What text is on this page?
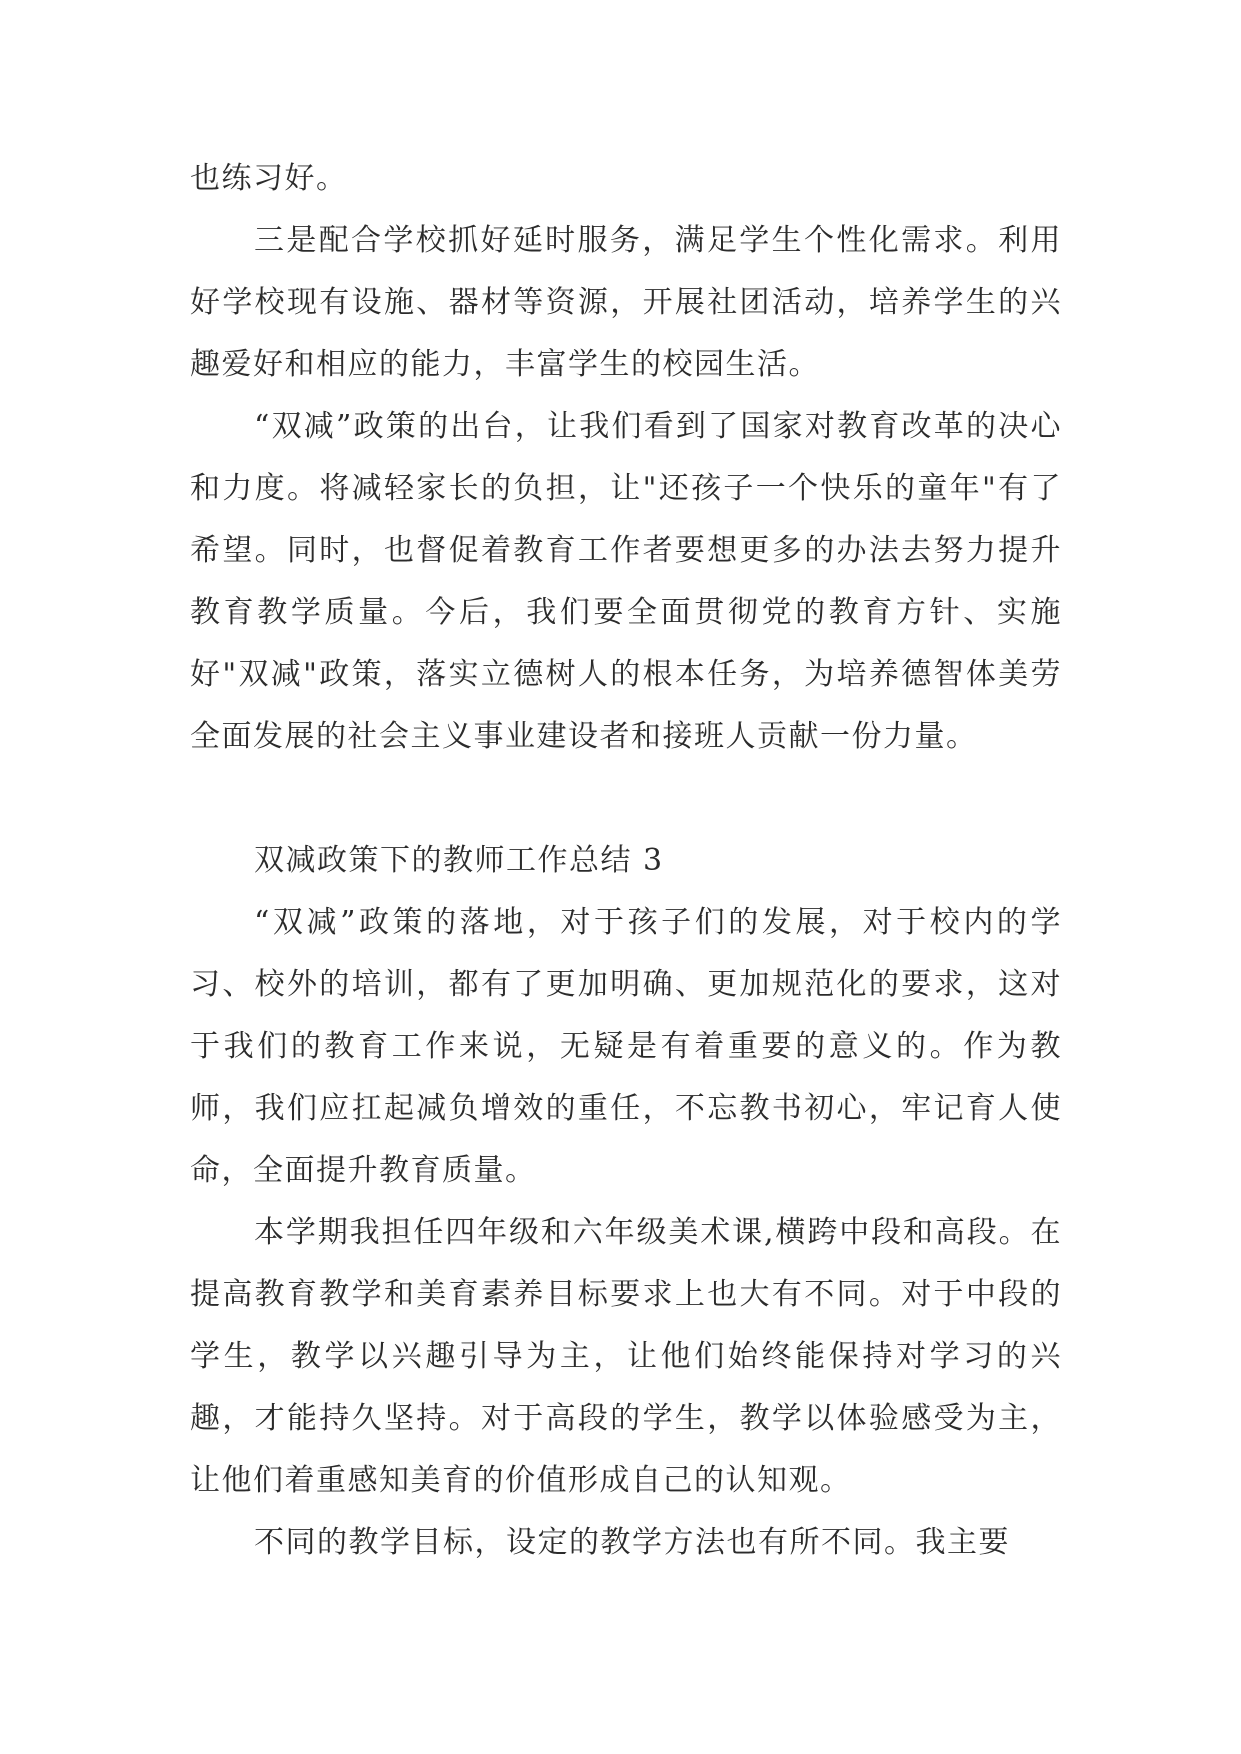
也练习好。

三是配合学校抓好延时服务，满足学生个性化需求。利用好学校现有设施、器材等资源，开展社团活动，培养学生的兴趣爱好和相应的能力，丰富学生的校园生活。

“双减”政策的出台，让我们看到了国家对教育改革的决心和力度。将减轻家长的负担，让"还孩子一个快乐的童年"有了希望。同时，也督促着教育工作者要想更多的办法去努力提升教育教学质量。今后，我们要全面贯彻党的教育方针、实施好"双减"政策，落实立德树人的根本任务，为培养德智体美劳全面发展的社会主义事业建设者和接班人贡献一份力量。

双减政策下的教师工作总结 3

“双减”政策的落地，对于孩子们的发展，对于校内的学习、校外的培训，都有了更加明确、更加规范化的要求，这对于我们的教育工作来说，无疑是有着重要的意义的。作为教师，我们应扛起减负增效的重任，不忘教书初心，牢记育人使命，全面提升教育质量。

本学期我担任四年级和六年级美术课,横跨中段和高段。在提高教育教学和美育素养目标要求上也大有不同。对于中段的学生，教学以兴趣引导为主，让他们始终能保持对学习的兴趣，才能持久坚持。对于高段的学生，教学以体验感受为主，让他们着重感知美育的价值形成自己的认知观。

不同的教学目标，设定的教学方法也有所不同。我主要
